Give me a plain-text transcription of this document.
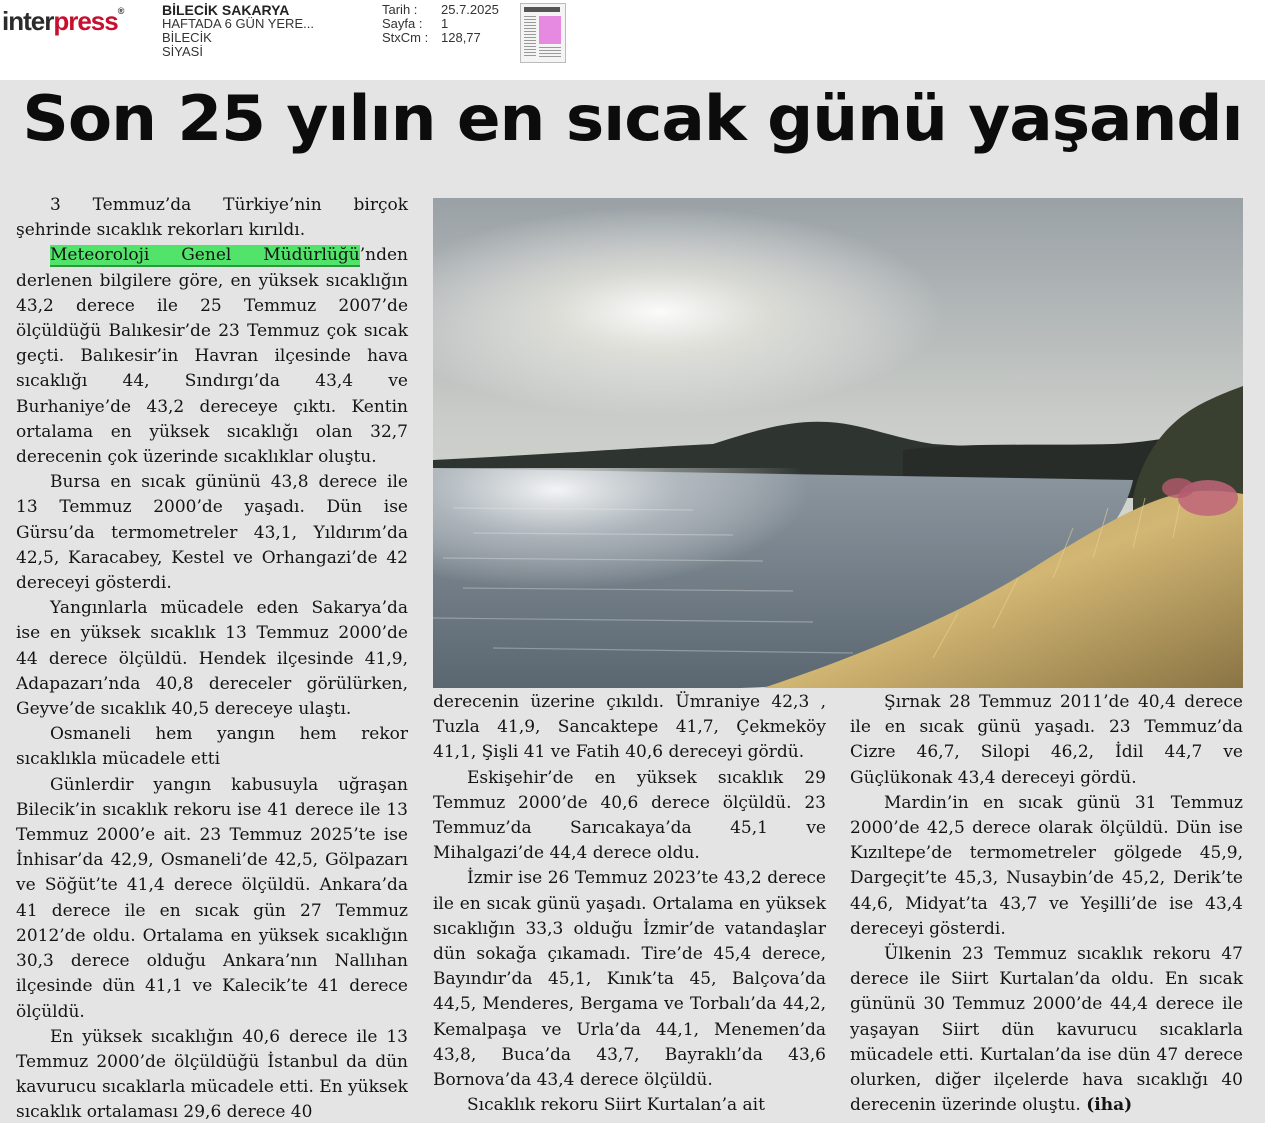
interpress®	BİLECİK SAKARYA
HAFTADA 6 GÜN YERE...
BİLECİK
SİYASİ
Tarih :
Sayfa :
StxCm :
25.7.2025
1
128,77
Son 25 yılın en sıcak günü yaşandı

3 Temmuz’da Türkiye’nin birçok şehrinde sıcaklık rekorları kırıldı.

Meteoroloji Genel Müdürlüğü’nden derlenen bilgilere göre, en yüksek sıcaklığın 43,2 derece ile 25 Temmuz 2007’de ölçüldüğü Balıkesir’de 23 Temmuz çok sıcak geçti. Balıkesir’in Havran ilçesinde hava sıcaklığı 44, Sındırgı’da 43,4 ve Burhaniye’de 43,2 dereceye çıktı. Kentin ortalama en yüksek sıcaklığı olan 32,7 derecenin çok üzerinde sıcaklıklar oluştu.

Bursa en sıcak gününü 43,8 derece ile 13 Temmuz 2000’de yaşadı. Dün ise Gürsu’da termometreler 43,1, Yıldırım’da 42,5, Karacabey, Kestel ve Orhangazi’de 42 dereceyi gösterdi.

Yangınlarla mücadele eden Sakarya’da ise en yüksek sıcaklık 13 Temmuz 2000’de 44 derece ölçüldü. Hendek ilçesinde 41,9, Adapazarı’nda 40,8 dereceler görülürken, Geyve’de sıcaklık 40,5 dereceye ulaştı.

Osmaneli hem yangın hem rekor sıcaklıkla mücadele etti

Günlerdir yangın kabusuyla uğraşan Bilecik’in sıcaklık rekoru ise 41 derece ile 13 Temmuz 2000’e ait. 23 Temmuz 2025’te ise İnhisar’da 42,9, Osmaneli’de 42,5, Gölpazarı ve Söğüt’te 41,4 derece ölçüldü. Ankara’da 41 derece ile en sıcak gün 27 Temmuz 2012’de oldu. Ortalama en yüksek sıcaklığın 30,3 derece olduğu Ankara’nın Nallıhan ilçesinde dün 41,1 ve Kalecik’te 41 derece ölçüldü.

En yüksek sıcaklığın 40,6 derece ile 13 Temmuz 2000’de ölçüldüğü İstanbul da dün kavurucu sıcaklarla mücadele etti. En yüksek sıcaklık ortalaması 29,6 derece 40

derecenin üzerine çıkıldı. Ümraniye 42,3 , Tuzla 41,9, Sancaktepe 41,7, Çekmeköy 41,1, Şişli 41 ve Fatih 40,6 dereceyi gördü.

Eskişehir’de en yüksek sıcaklık 29 Temmuz 2000’de 40,6 derece ölçüldü. 23 Temmuz’da Sarıcakaya’da 45,1 ve Mihalgazi’de 44,4 derece oldu.

İzmir ise 26 Temmuz 2023’te 43,2 derece ile en sıcak günü yaşadı. Ortalama en yüksek sıcaklığın 33,3 olduğu İzmir’de vatandaşlar dün sokağa çıkamadı. Tire’de 45,4 derece, Bayındır’da 45,1, Kınık’ta 45, Balçova’da 44,5, Menderes, Bergama ve Torbalı’da 44,2, Kemalpaşa ve Urla’da 44,1, Menemen’da 43,8, Buca’da 43,7, Bayraklı’da 43,6 Bornova’da 43,4 derece ölçüldü.

Sıcaklık rekoru Siirt Kurtalan’a ait

Şırnak 28 Temmuz 2011’de 40,4 derece ile en sıcak günü yaşadı. 23 Temmuz’da Cizre 46,7, Silopi 46,2, İdil 44,7 ve Güçlükonak 43,4 dereceyi gördü.

Mardin’in en sıcak günü 31 Temmuz 2000’de 42,5 derece olarak ölçüldü. Dün ise Kızıltepe’de termometreler gölgede 45,9, Dargeçit’te 45,3, Nusaybin’de 45,2, Derik’te 44,6, Midyat’ta 43,7 ve Yeşilli’de ise 43,4 dereceyi gösterdi.

Ülkenin 23 Temmuz sıcaklık rekoru 47 derece ile Siirt Kurtalan’da oldu. En sıcak gününü 30 Temmuz 2000’de 44,4 derece ile yaşayan Siirt dün kavurucu sıcaklarla mücadele etti. Kurtalan’da ise dün 47 derece olurken, diğer ilçelerde hava sıcaklığı 40 derecenin üzerinde oluştu. (iha)
